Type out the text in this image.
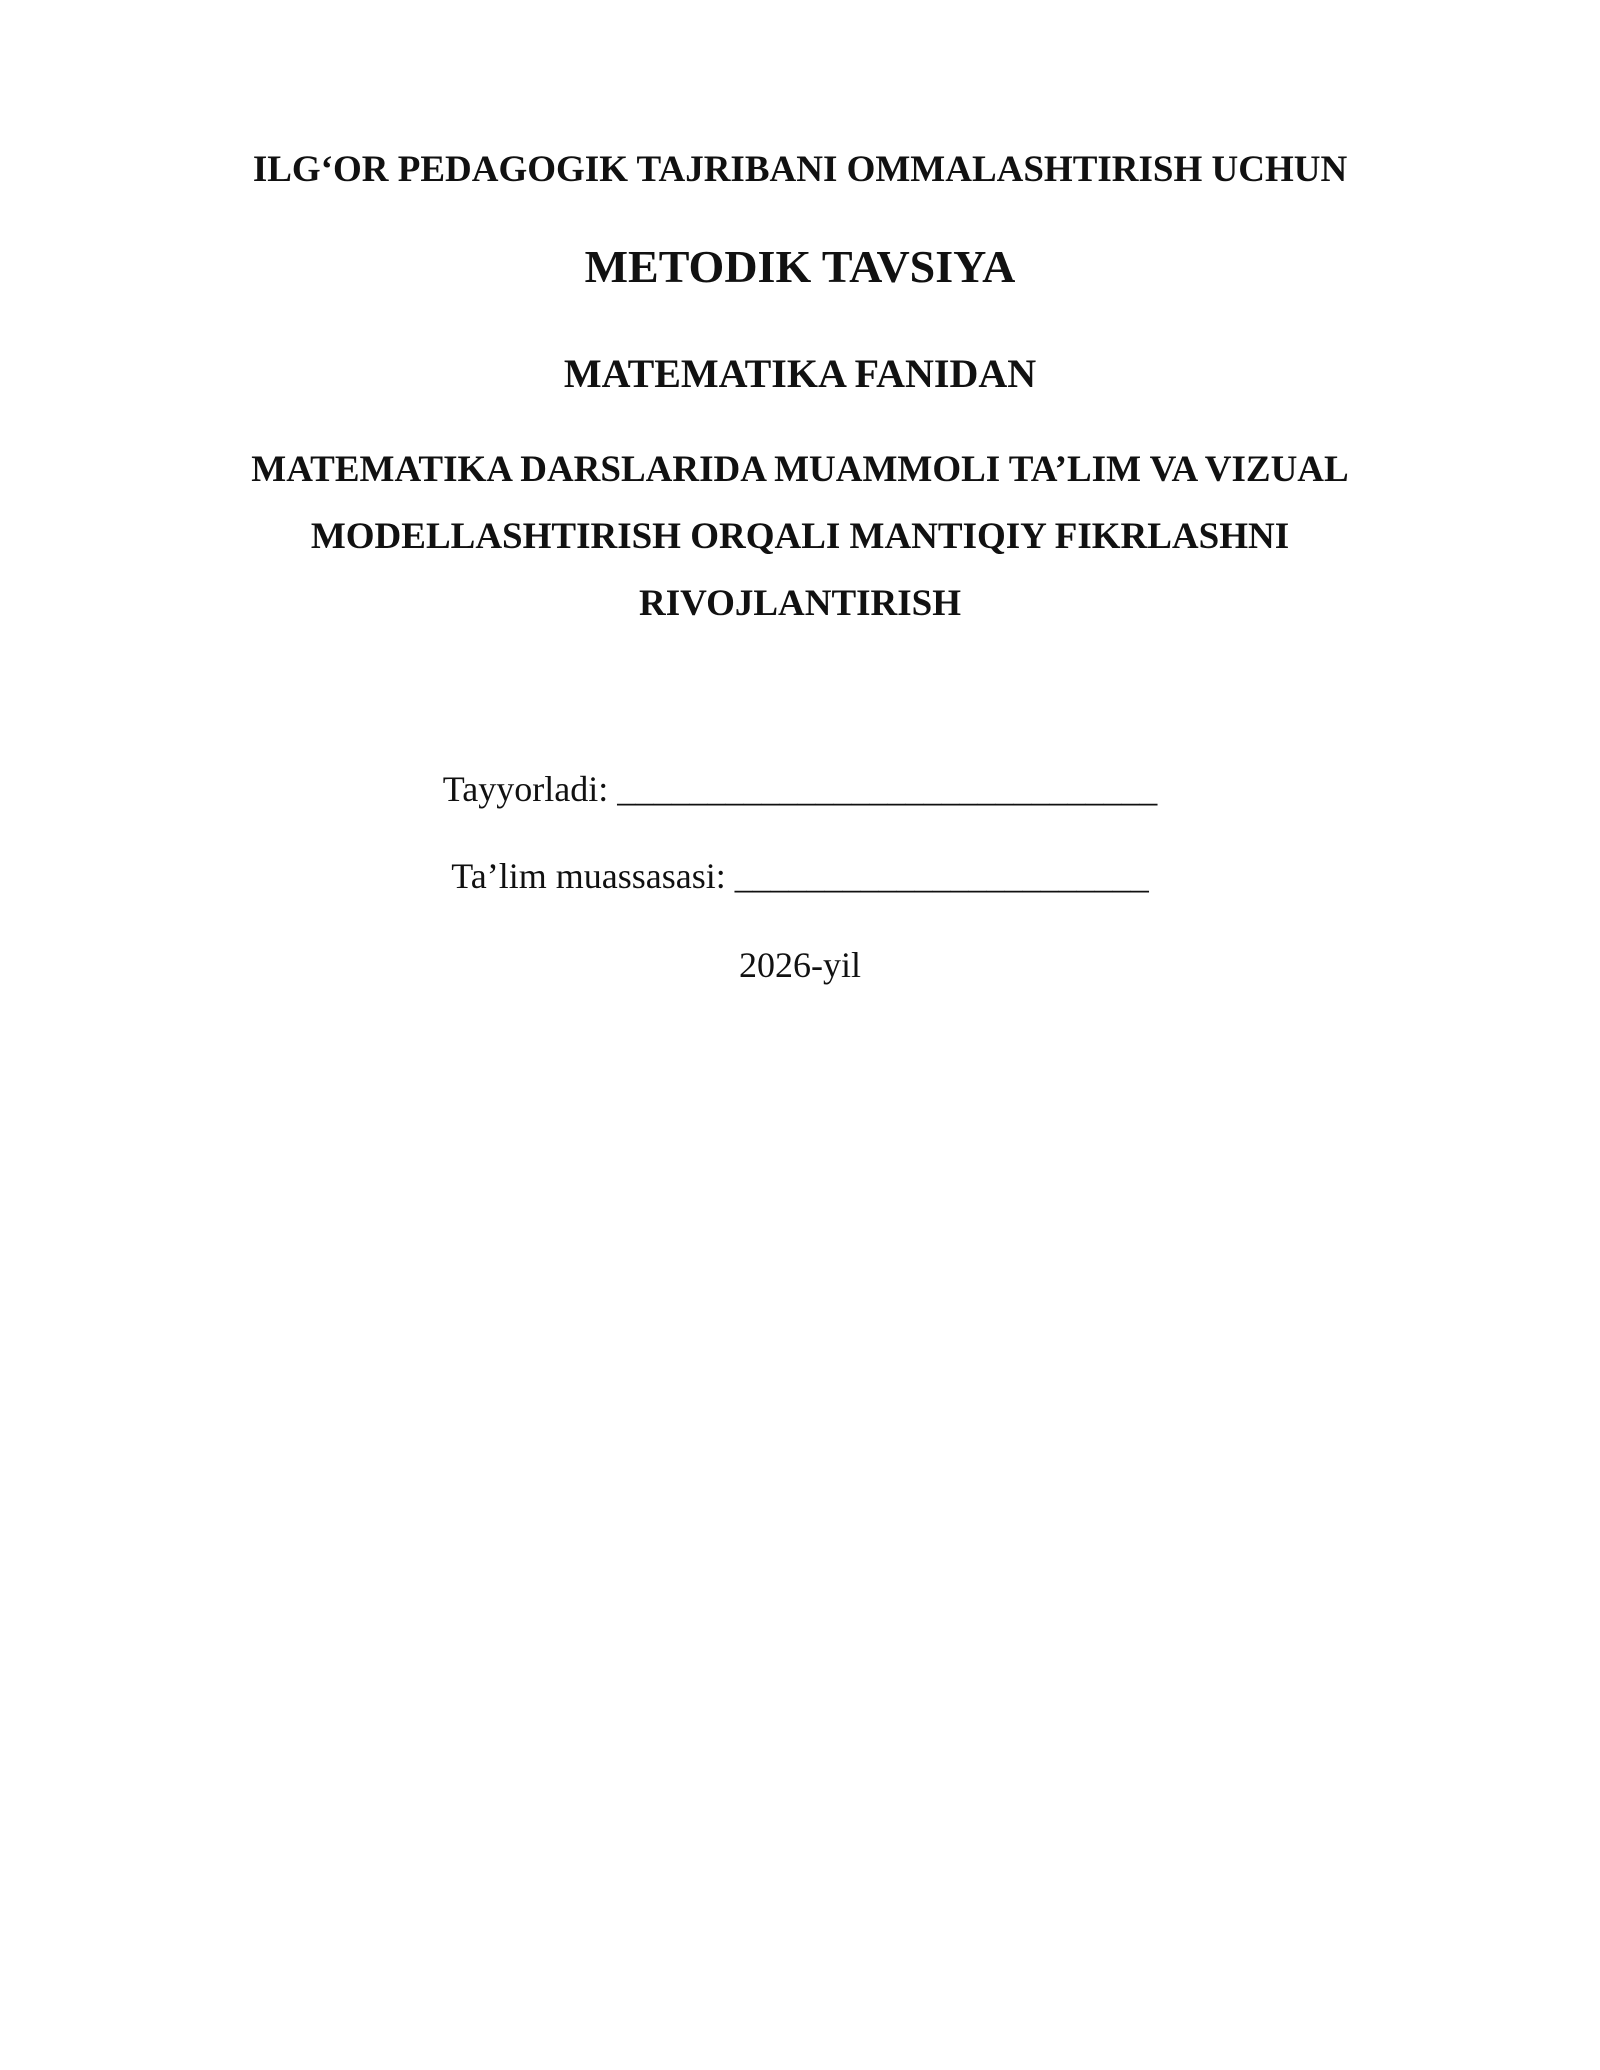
ILG‘OR PEDAGOGIK TAJRIBANI OMMALASHTIRISH UCHUN

METODIK TAVSIYA

MATEMATIKA FANIDAN

MATEMATIKA DARSLARIDA MUAMMOLI TA’LIM VA VIZUAL

MODELLASHTIRISH ORQALI MANTIQIY FIKRLASHNI

RIVOJLANTIRISH

Tayyorladi: ______________________________

Ta’lim muassasasi: _______________________

2026-yil
